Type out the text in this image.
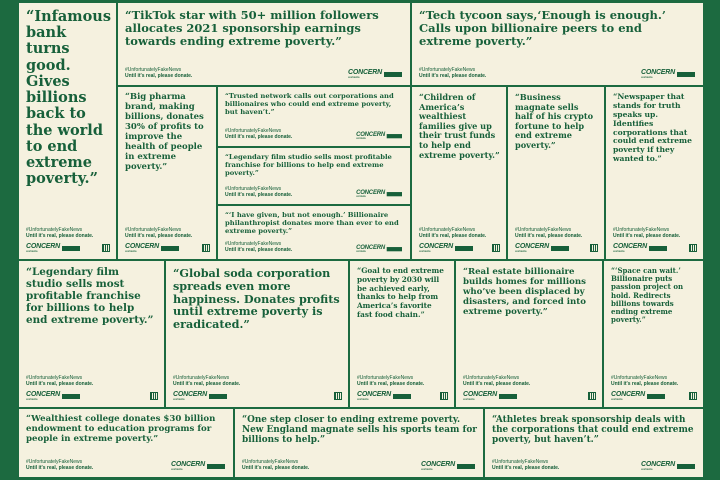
“Infamous bank turns good. Gives billions back to the world to end extreme poverty.”
#UnfortunatelyFakeNews
Until it's real, please donate.
CONCERN
worldwide
“TikTok star with 50+ million followers allocates 2021 sponsorship earnings towards ending extreme poverty.”
#UnfortunatelyFakeNews
Until it's real, please donate.	CONCERN
worldwide
“Tech tycoon says,‘Enough is enough.’ Calls upon billionaire peers to end extreme poverty.”
#UnfortunatelyFakeNews
Until it's real, please donate.	CONCERN
worldwide
“Big pharma brand, making billions, donates 30% of profits to improve the health of people in extreme poverty.”
#UnfortunatelyFakeNews
Until it's real, please donate.
CONCERN
worldwide
“Trusted network calls out corporations and billionaires who could end extreme poverty, but haven’t.”
#UnfortunatelyFakeNews
Until it's real, please donate.	CONCERN
worldwide
“Legendary film studio sells most profitable franchise for billions to help end extreme poverty.”
#UnfortunatelyFakeNews
Until it's real, please donate.	CONCERN
worldwide
“‘I have given, but not enough.’ Billionaire philanthropist donates more than ever to end extreme poverty.”
#UnfortunatelyFakeNews
Until it's real, please donate.	CONCERN
worldwide
“Children of America’s wealthiest families give up their trust funds to help end extreme poverty.”
#UnfortunatelyFakeNews
Until it's real, please donate.
CONCERN
worldwide
“Business magnate sells half of his crypto fortune to help end extreme poverty.”
#UnfortunatelyFakeNews
Until it's real, please donate.
CONCERN
worldwide
“Newspaper that stands for truth speaks up. Identifies corporations that could end extreme poverty if they wanted to.”
#UnfortunatelyFakeNews
Until it's real, please donate.
CONCERN
worldwide
“Legendary film studio sells most profitable franchise for billions to help end extreme poverty.”
#UnfortunatelyFakeNews
Until it's real, please donate.
CONCERN
worldwide
“Global soda corporation spreads even more happiness. Donates profits until extreme poverty is eradicated.”
#UnfortunatelyFakeNews
Until it's real, please donate.
CONCERN
worldwide
“Goal to end extreme poverty by 2030 will be achieved early, thanks to help from America’s favorite fast food chain.”
#UnfortunatelyFakeNews
Until it's real, please donate.
CONCERN
worldwide
“Real estate billionaire builds homes for millions who’ve been displaced by disasters, and forced into extreme poverty.”
#UnfortunatelyFakeNews
Until it's real, please donate.
CONCERN
worldwide
“‘Space can wait.’ Billionaire puts passion project on hold. Redirects billions towards ending extreme poverty.”
#UnfortunatelyFakeNews
Until it's real, please donate.
CONCERN
worldwide
“Wealthiest college donates $30 billion endowment to education programs for people in extreme poverty.”
#UnfortunatelyFakeNews
Until it's real, please donate.	CONCERN
worldwide
“One step closer to ending extreme poverty. New England magnate sells his sports team for billions to help.”
#UnfortunatelyFakeNews
Until it's real, please donate.	CONCERN
worldwide
“Athletes break sponsorship deals with the corporations that could end extreme poverty, but haven’t.”
#UnfortunatelyFakeNews
Until it's real, please donate.	CONCERN
worldwide
